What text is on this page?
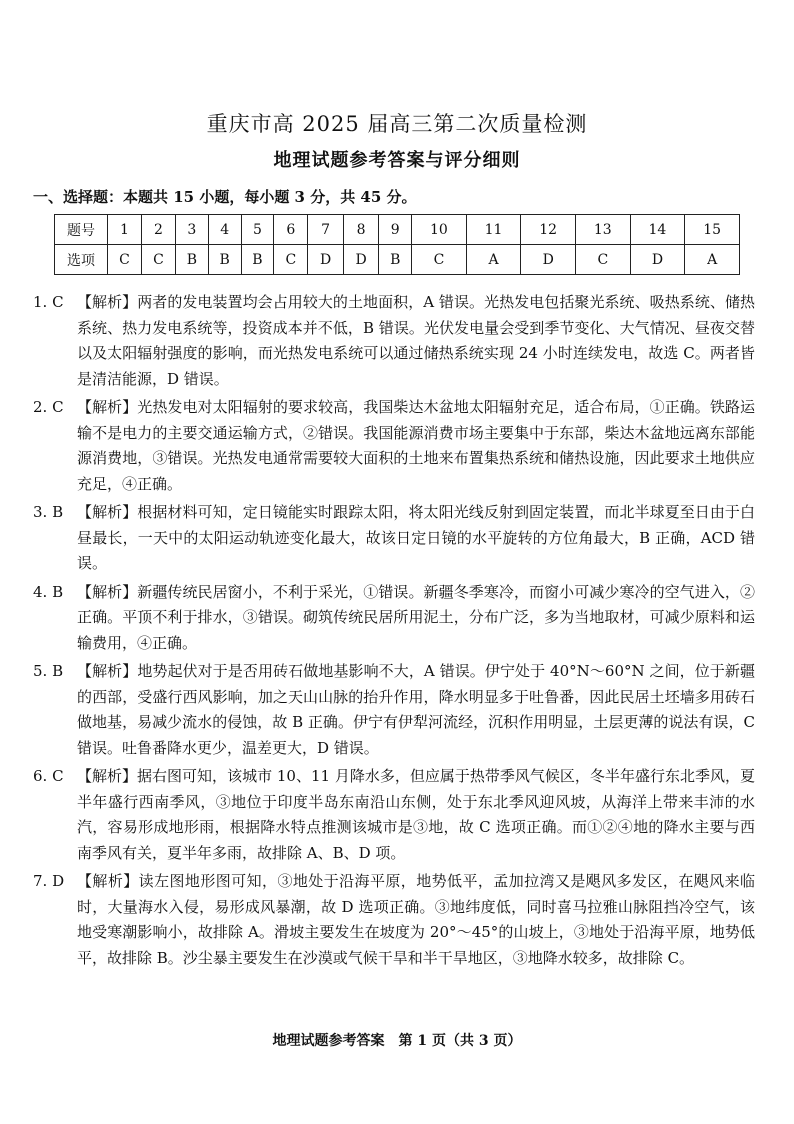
重庆市高 2025 届高三第二次质量检测
地理试题参考答案与评分细则
一、选择题：本题共 15 小题，每小题 3 分，共 45 分。
题号	1	2	3	4	5	6	7	8	9	10	11	12	13	14	15
选项	C	C	B	B	B	C	D	D	B	C	A	D	C	D	A
1. C 【解析】两者的发电装置均会占用较大的土地面积，A 错误。光热发电包括聚光系统、吸热系统、储热系统、热力发电系统等，投资成本并不低，B 错误。光伏发电量会受到季节变化、大气情况、昼夜交替以及太阳辐射强度的影响，而光热发电系统可以通过储热系统实现 24 小时连续发电，故选 C。两者皆是清洁能源，D 错误。
2. C 【解析】光热发电对太阳辐射的要求较高，我国柴达木盆地太阳辐射充足，适合布局，①正确。铁路运输不是电力的主要交通运输方式，②错误。我国能源消费市场主要集中于东部，柴达木盆地远离东部能源消费地，③错误。光热发电通常需要较大面积的土地来布置集热系统和储热设施，因此要求土地供应充足，④正确。
3. B 【解析】根据材料可知，定日镜能实时跟踪太阳，将太阳光线反射到固定装置，而北半球夏至日由于白昼最长，一天中的太阳运动轨迹变化最大，故该日定日镜的水平旋转的方位角最大，B 正确，ACD 错误。
4. B 【解析】新疆传统民居窗小，不利于采光，①错误。新疆冬季寒冷，而窗小可减少寒冷的空气进入，②正确。平顶不利于排水，③错误。砌筑传统民居所用泥土，分布广泛，多为当地取材，可减少原料和运输费用，④正确。
5. B 【解析】地势起伏对于是否用砖石做地基影响不大，A 错误。伊宁处于 40°N～60°N 之间，位于新疆的西部，受盛行西风影响，加之天山山脉的抬升作用，降水明显多于吐鲁番，因此民居土坯墙多用砖石做地基，易减少流水的侵蚀，故 B 正确。伊宁有伊犁河流经，沉积作用明显，土层更薄的说法有误，C 错误。吐鲁番降水更少，温差更大，D 错误。
6. C 【解析】据右图可知，该城市 10、11 月降水多，但应属于热带季风气候区，冬半年盛行东北季风，夏半年盛行西南季风，③地位于印度半岛东南沿山东侧，处于东北季风迎风坡，从海洋上带来丰沛的水汽，容易形成地形雨，根据降水特点推测该城市是③地，故 C 选项正确。而①②④地的降水主要与西南季风有关，夏半年多雨，故排除 A、B、D 项。
7. D 【解析】读左图地形图可知，③地处于沿海平原，地势低平，孟加拉湾又是飓风多发区，在飓风来临时，大量海水入侵，易形成风暴潮，故 D 选项正确。③地纬度低，同时喜马拉雅山脉阻挡冷空气，该地受寒潮影响小，故排除 A。滑坡主要发生在坡度为 20°～45°的山坡上，③地处于沿海平原，地势低平，故排除 B。沙尘暴主要发生在沙漠或气候干旱和半干旱地区，③地降水较多，故排除 C。
地理试题参考答案　第 1 页（共 3 页）
